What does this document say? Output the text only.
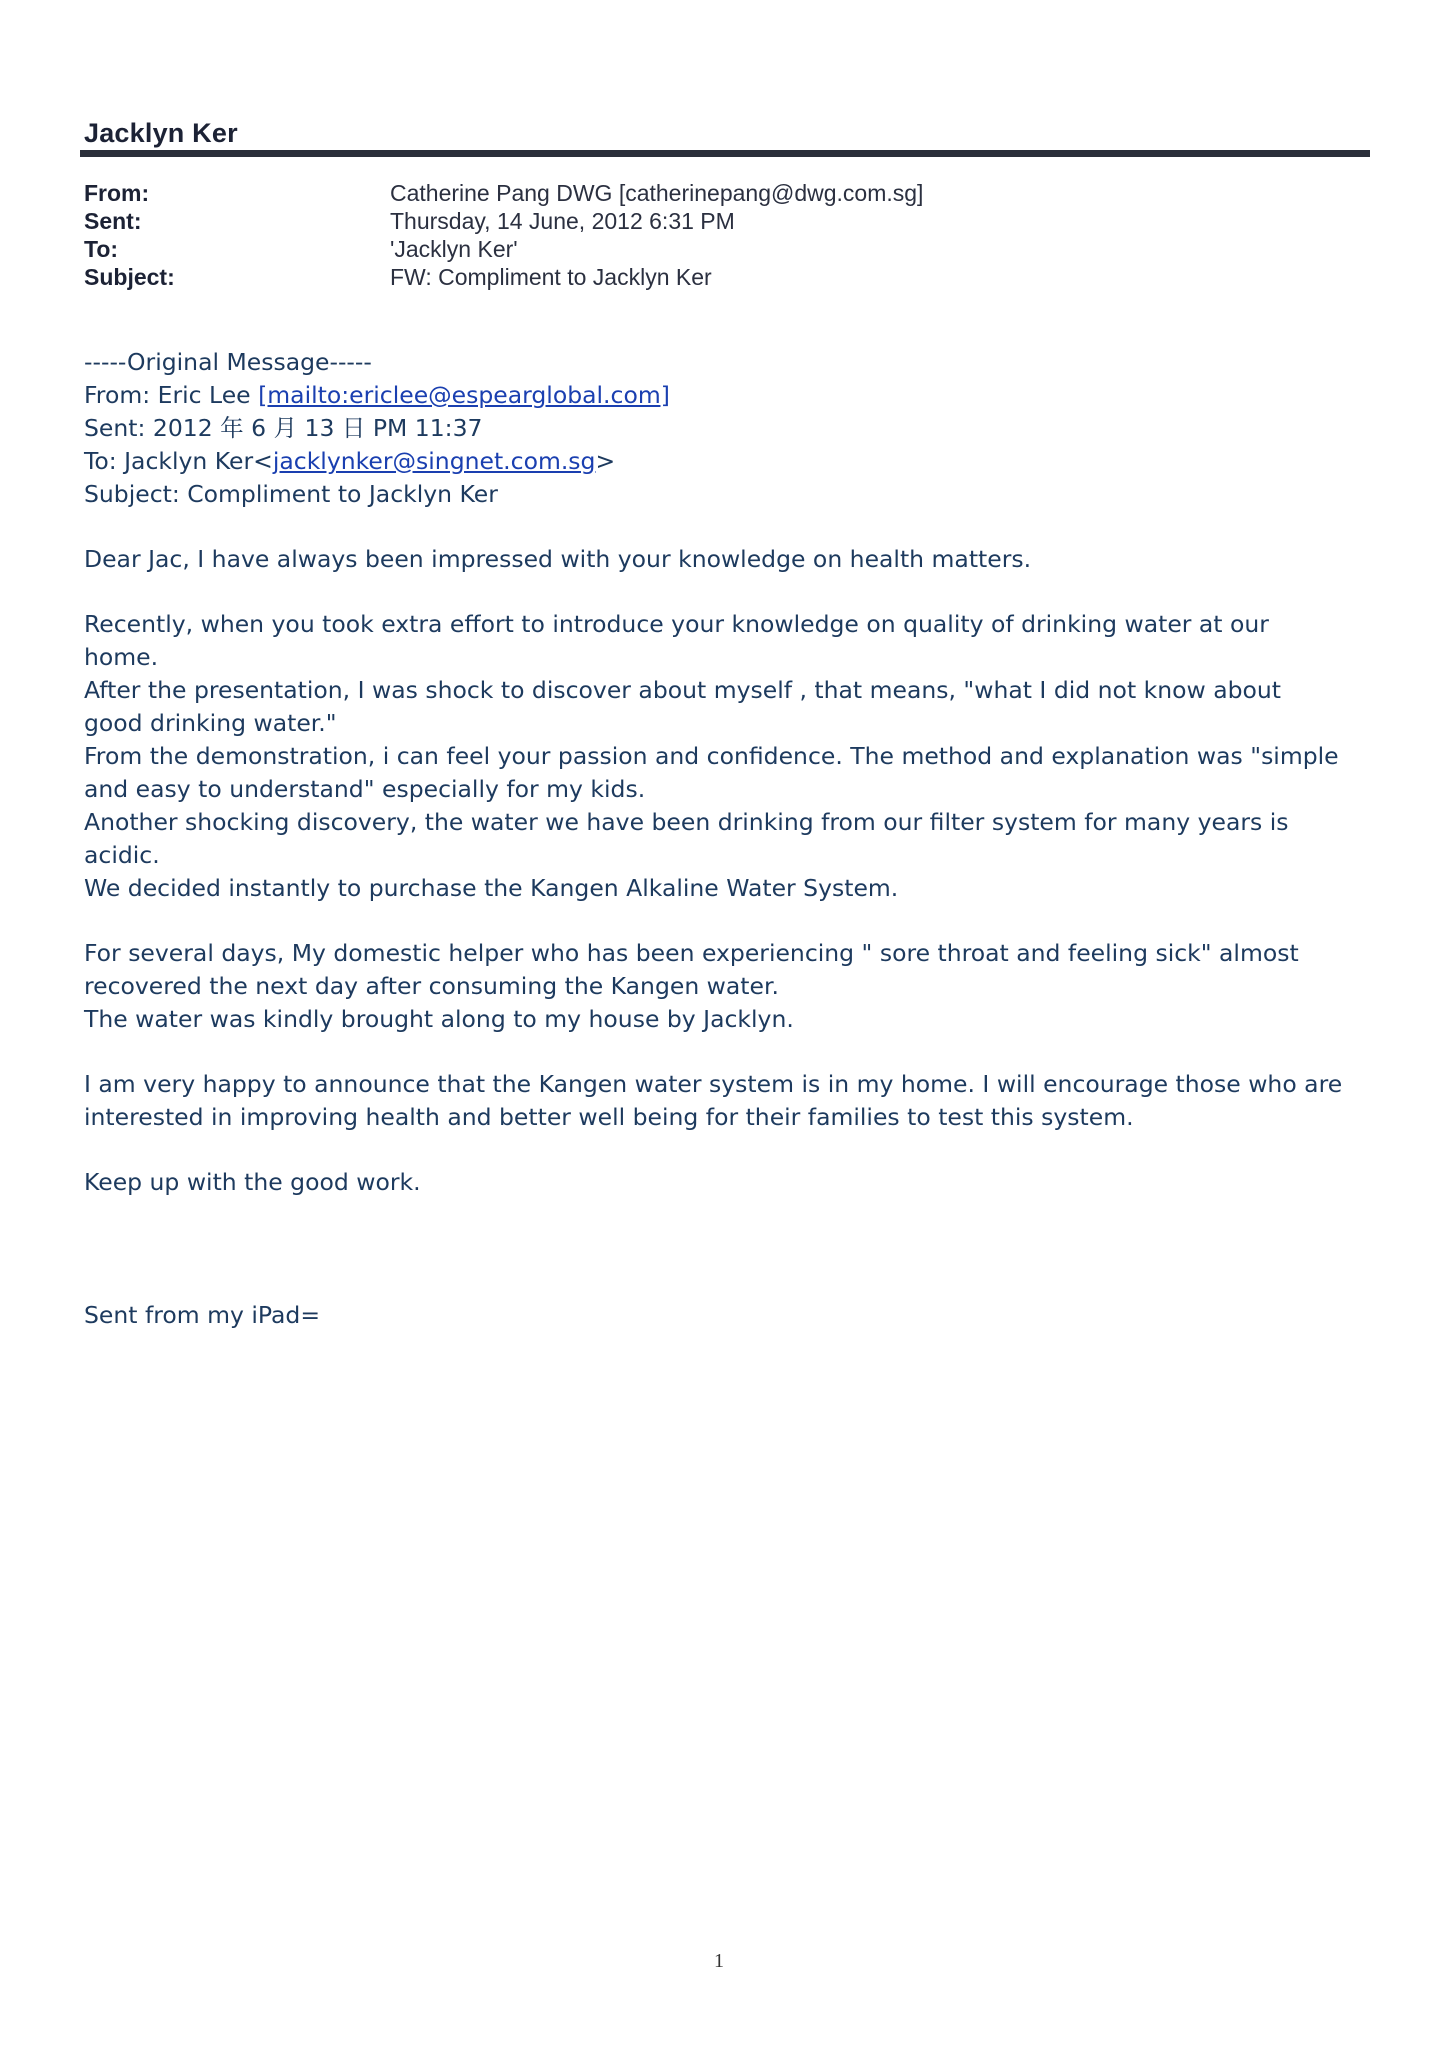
Jacklyn Ker
From:	Catherine Pang DWG [catherinepang@dwg.com.sg]
Sent:	Thursday, 14 June, 2012 6:31 PM
To:	'Jacklyn Ker'
Subject:	FW: Compliment to Jacklyn Ker
-----Original Message-----
From: Eric Lee [mailto:ericlee@espearglobal.com]
Sent: 2012 年 6 月 13 日 PM 11:37
To: Jacklyn Ker<jacklynker@singnet.com.sg>
Subject: Compliment to Jacklyn Ker
Dear Jac, I have always been impressed with your knowledge on health matters.
Recently, when you took extra effort to introduce your knowledge on quality of drinking water at our
home.
After the presentation, I was shock to discover about myself , that means, "what I did not know about
good drinking water."
From the demonstration, i can feel your passion and confidence. The method and explanation was "simple
and easy to understand" especially for my kids.
Another shocking discovery, the water we have been drinking from our filter system for many years is
acidic.
We decided instantly to purchase the Kangen Alkaline Water System.
For several days, My domestic helper who has been experiencing " sore throat and feeling sick" almost
recovered the next day after consuming the Kangen water.
The water was kindly brought along to my house by Jacklyn.
I am very happy to announce that the Kangen water system is in my home. I will encourage those who are
interested in improving health and better well being for their families to test this system.
Keep up with the good work.
Sent from my iPad=
1
